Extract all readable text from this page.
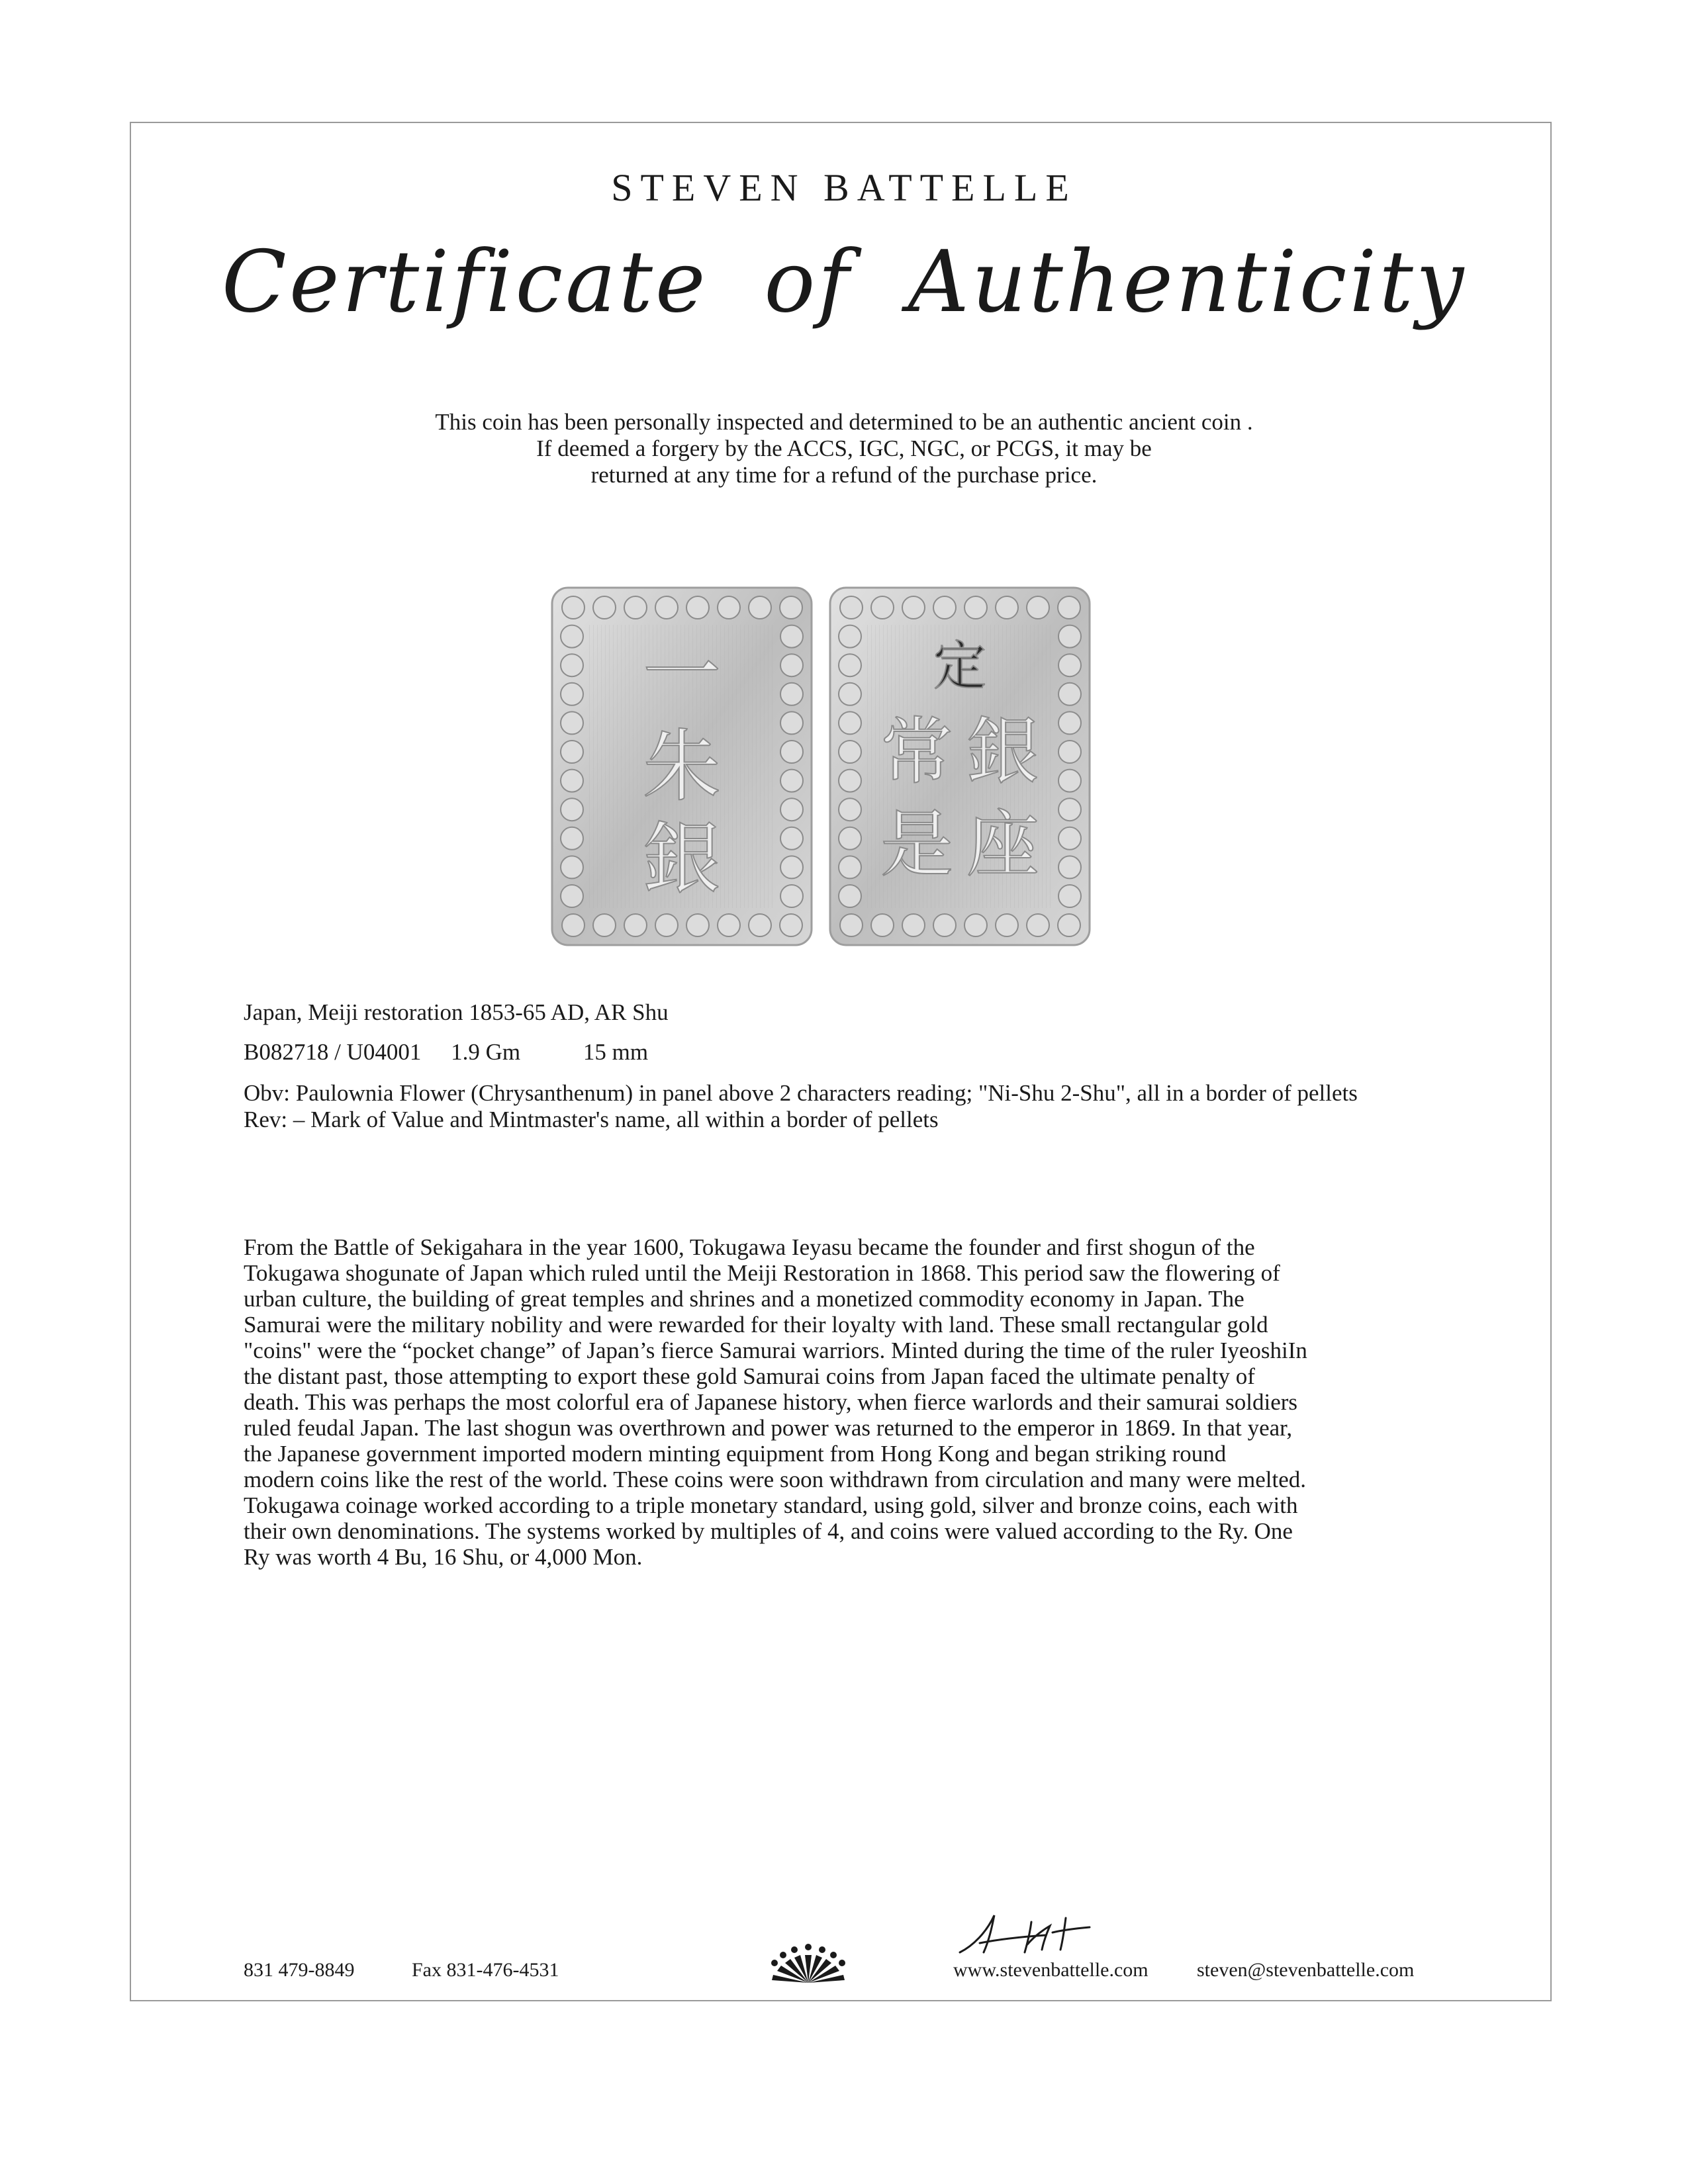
STEVEN BATTELLE
Certificate of Authenticity
This coin has been personally inspected and determined to be an authentic ancient coin .
If deemed a forgery by the ACCS, IGC, NGC, or PCGS, it may be
returned at any time for a refund of the purchase price.
一
朱
銀
定
銀
座
常
是
Japan, Meiji restoration 1853-65 AD, AR Shu
B082718 / U04001 1.9 Gm	15 mm
Obv: Paulownia Flower (Chrysanthenum) in panel above 2 characters reading; "Ni-Shu 2-Shu", all in a border of pellets Rev: – Mark of Value and Mintmaster's name, all within a border of pellets
From the Battle of Sekigahara in the year 1600, Tokugawa Ieyasu became the founder and first shogun of the
Tokugawa shogunate of Japan which ruled until the Meiji Restoration in 1868. This period saw the flowering of
urban culture, the building of great temples and shrines and a monetized commodity economy in Japan. The
Samurai were the military nobility and were rewarded for their loyalty with land. These small rectangular gold
"coins" were the “pocket change” of Japan’s fierce Samurai warriors. Minted during the time of the ruler IyeoshiIn
the distant past, those attempting to export these gold Samurai coins from Japan faced the ultimate penalty of
death. This was perhaps the most colorful era of Japanese history, when fierce warlords and their samurai soldiers
ruled feudal Japan. The last shogun was overthrown and power was returned to the emperor in 1869. In that year,
the Japanese government imported modern minting equipment from Hong Kong and began striking round
modern coins like the rest of the world. These coins were soon withdrawn from circulation and many were melted.
Tokugawa coinage worked according to a triple monetary standard, using gold, silver and bronze coins, each with
their own denominations. The systems worked by multiples of 4, and coins were valued according to the Ry. One
Ry was worth 4 Bu, 16 Shu, or 4,000 Mon.
831 479-8849	Fax 831-476-4531	www.stevenbattelle.com steven@stevenbattelle.com
